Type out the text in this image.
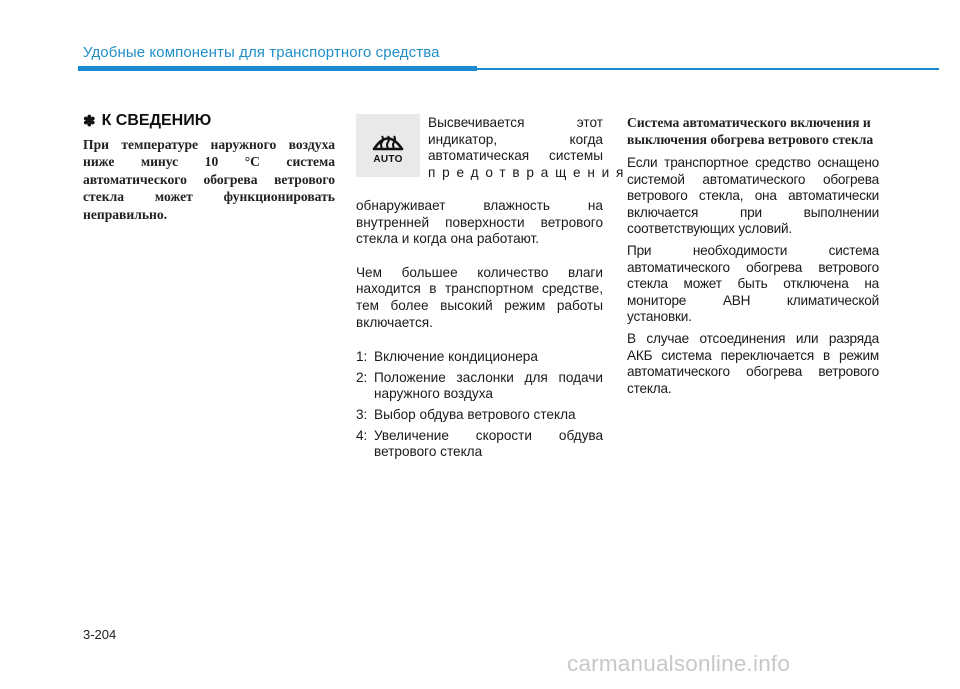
Удобные компоненты для транспортного средства
✽ К СВЕДЕНИЮ

При температуре наружного воздуха ниже минус 10 °С система автоматического обогрева ветрового стекла может функционировать неправильно.

AUTO
Высвечивается этот индикатор, когда автоматическая системы предотвращения

обнаруживает влажность на внутренней поверхности ветрового стекла и когда она работают.

Чем большее количество влаги находится в транспортном средстве, тем более высокий режим работы включается.

1: Включение кондиционера
2: Положение заслонки для подачи наружного воздуха
3: Выбор обдува ветрового стекла
4: Увеличение скорости обдува ветрового стекла
Система автоматического включения и выключения обогрева ветрового стекла

Если транспортное средство оснащено системой автоматического обогрева ветрового стекла, она автоматически включается при выполнении соответствующих условий.

При необходимости система автоматического обогрева ветрового стекла может быть отключена на мониторе АВН климатической установки.

В случае отсоединения или разряда АКБ система переключается в режим автоматического обогрева ветрового стекла.

3-204
carmanualsonline.info
